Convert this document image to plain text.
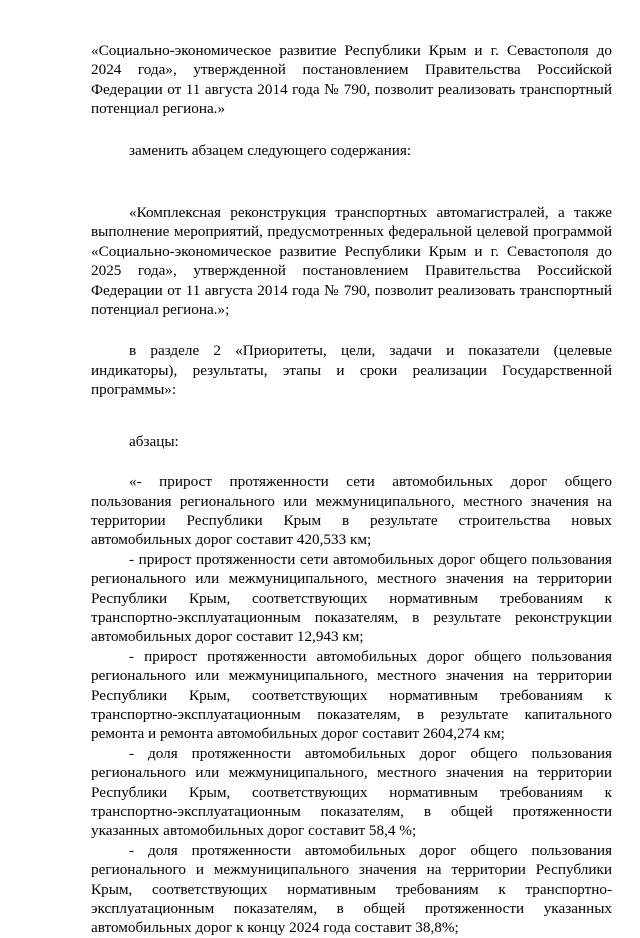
«Социально-экономическое развитие Республики Крым и г. Севастополя до 2024 года», утвержденной постановлением Правительства Российской Федерации от 11 августа 2014 года № 790, позволит реализовать транспортный потенциал региона.»

заменить абзацем следующего содержания:

«Комплексная реконструкция транспортных автомагистралей, а также выполнение мероприятий, предусмотренных федеральной целевой программой «Социально-экономическое развитие Республики Крым и г. Севастополя до 2025 года», утвержденной постановлением Правительства Российской Федерации от 11 августа 2014 года № 790, позволит реализовать транспортный потенциал региона.»;

в разделе 2 «Приоритеты, цели, задачи и показатели (целевые индикаторы), результаты, этапы и сроки реализации Государственной программы»:

абзацы:

«- прирост протяженности сети автомобильных дорог общего пользования регионального или межмуниципального, местного значения на территории Республики Крым в результате строительства новых автомобильных дорог составит 420,533 км;

- прирост протяженности сети автомобильных дорог общего пользования регионального или межмуниципального, местного значения на территории Республики Крым, соответствующих нормативным требованиям к транспортно-эксплуатационным показателям, в результате реконструкции автомобильных дорог составит 12,943 км;

- прирост протяженности автомобильных дорог общего пользования регионального или межмуниципального, местного значения на территории Республики Крым, соответствующих нормативным требованиям к транспортно-эксплуатационным показателям, в результате капитального ремонта и ремонта автомобильных дорог составит 2604,274 км;

- доля протяженности автомобильных дорог общего пользования регионального или межмуниципального, местного значения на территории Республики Крым, соответствующих нормативным требованиям к транспортно-эксплуатационным показателям, в общей протяженности указанных автомобильных дорог составит 58,4 %;

- доля протяженности автомобильных дорог общего пользования регионального и межмуниципального значения на территории Республики Крым, соответствующих нормативным требованиям к транспортно-эксплуатационным показателям, в общей протяженности указанных автомобильных дорог к концу 2024 года составит 38,8%;
